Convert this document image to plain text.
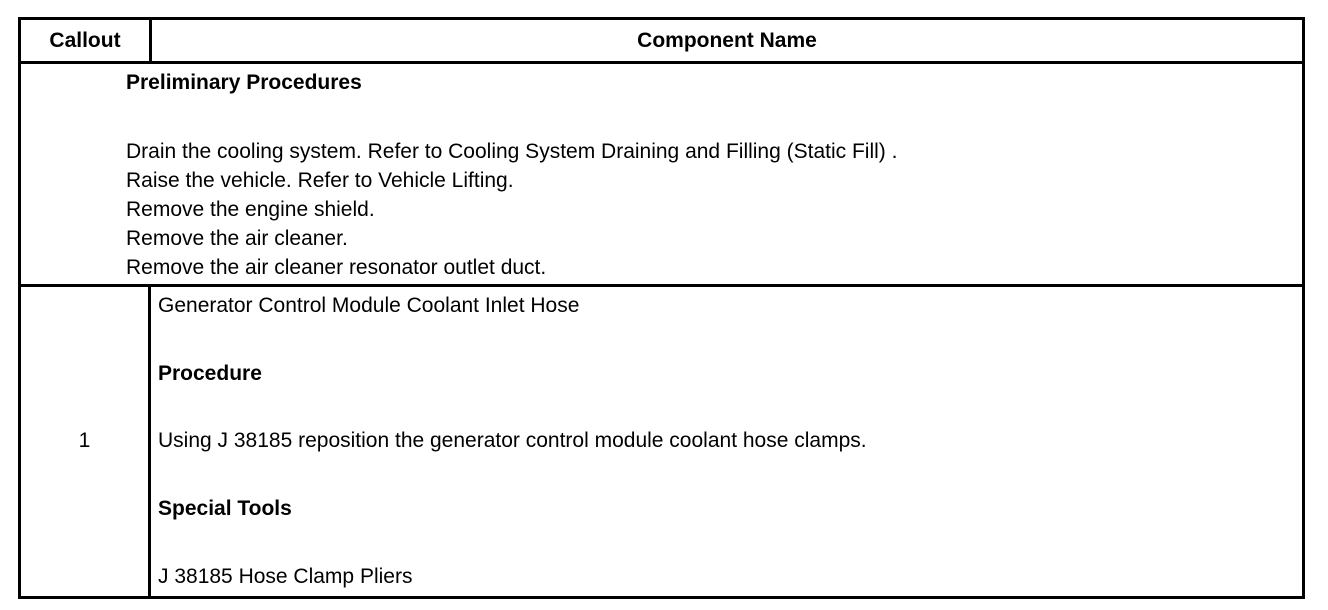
Callout	Component Name
Preliminary Procedures
Drain the cooling system. Refer to Cooling System Draining and Filling (Static Fill) .
Raise the vehicle. Refer to Vehicle Lifting.
Remove the engine shield.
Remove the air cleaner.
Remove the air cleaner resonator outlet duct.
1
Generator Control Module Coolant Inlet Hose
Procedure
Using J 38185 reposition the generator control module coolant hose clamps.
Special Tools
J 38185 Hose Clamp Pliers
